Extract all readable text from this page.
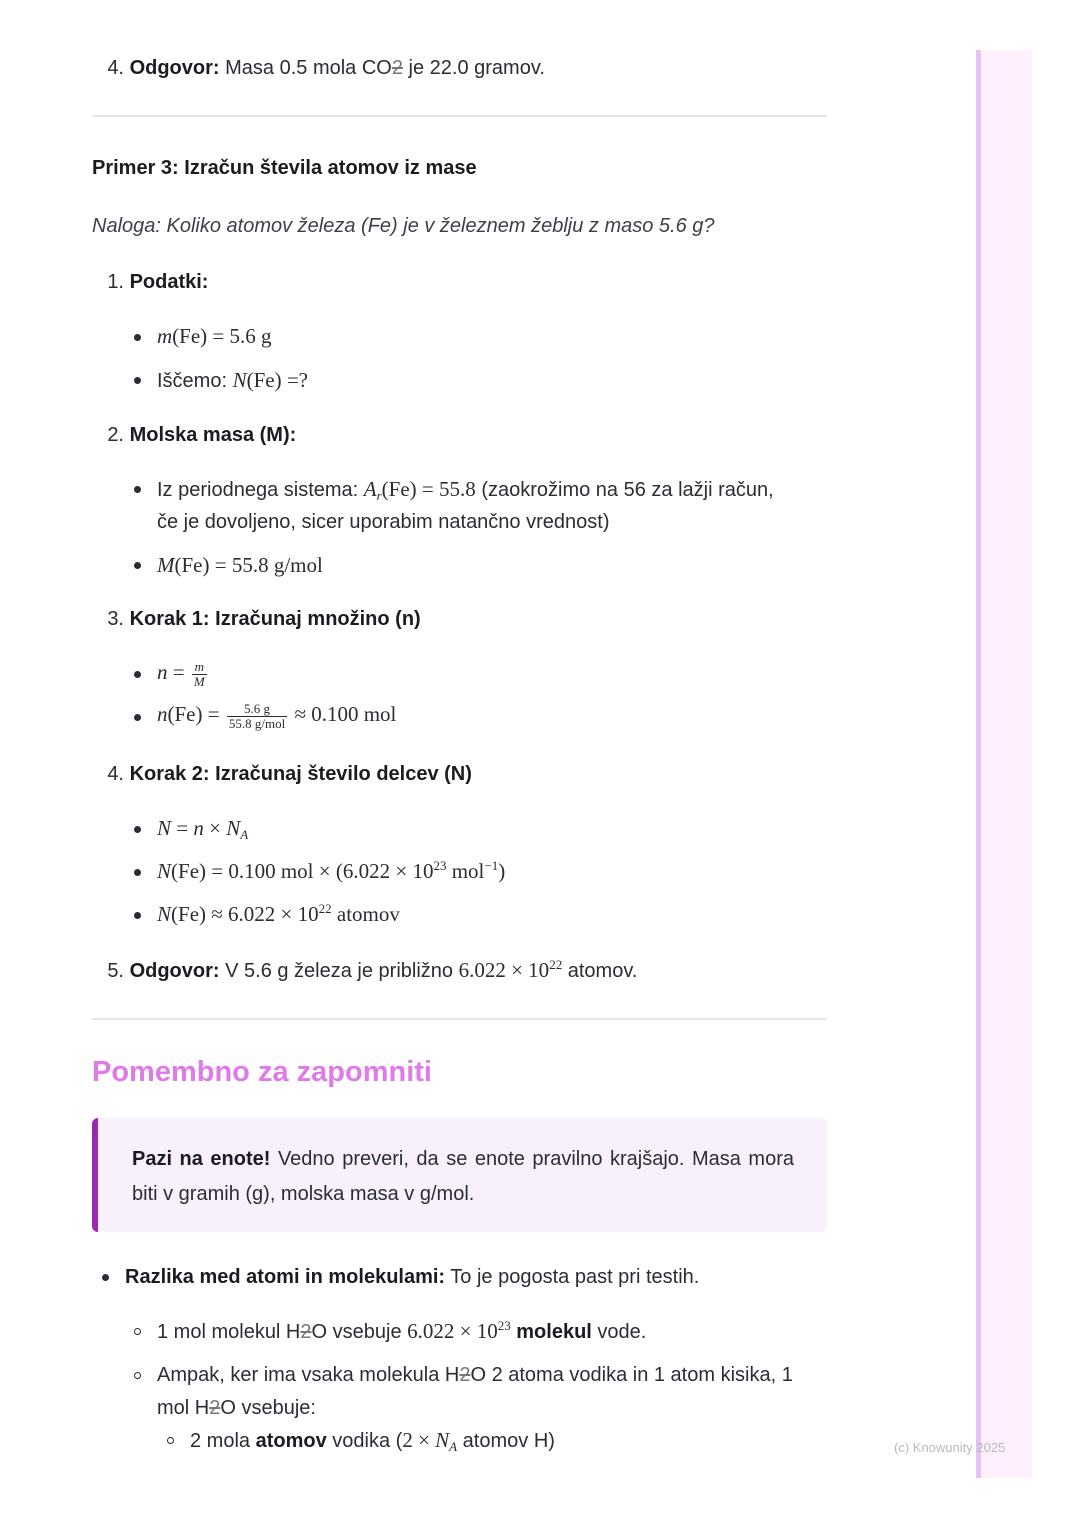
(c) Knowunity 2025
4. Odgovor: Masa 0.5 mola CO2 je 22.0 gramov.
Primer 3: Izračun števila atomov iz mase
Naloga: Koliko atomov železa (Fe) je v železnem žeblju z maso 5.6 g?
1. Podatki:
m(Fe) = 5.6 g
Iščemo: N(Fe) =?
2. Molska masa (M):
Iz periodnega sistema: $A_r(Fe) = 55.8$ (zaokrožimo na 56 za lažji račun,
če je dovoljeno, sicer uporabim natančno vrednost)
M(Fe) = 55.8 g/mol
3. Korak 1: Izračunaj množino (n)
$n = \frac{m}{M}$
$n(Fe) = \frac{5.6 g}{\text{55.8 g/mol}} \approx 0.100$ mol
4. Korak 2: Izračunaj število delcev (N)
$N = n \times N_A$
N(Fe) = 0.100 mol × ($6.022 \times 10^{23}$ mol$^{-1}$)
$N(Fe) \approx 6.022 \times 10^{22}$ atomov
5. Odgovor: V 5.6 g železa je približno $6.022 \times 10^{22}$ atomov.
Pomembno za zapomniti
Pazi na enote! Vedno preveri, da se enote pravilno krajšajo. Masa mora biti v gramih (g), molska masa v g/mol.
Razlika med atomi in molekulami: To je pogosta past pri testih.
1 mol molekul H2O vsebuje $6.022 \times 10^{23}$ molekul vode.
Ampak, ker ima vsaka molekula H2O 2 atoma vodika in 1 atom kisika, 1
mol H2O vsebuje:
2 mola atomov vodika ($2 \times N_A$ atomov H)
